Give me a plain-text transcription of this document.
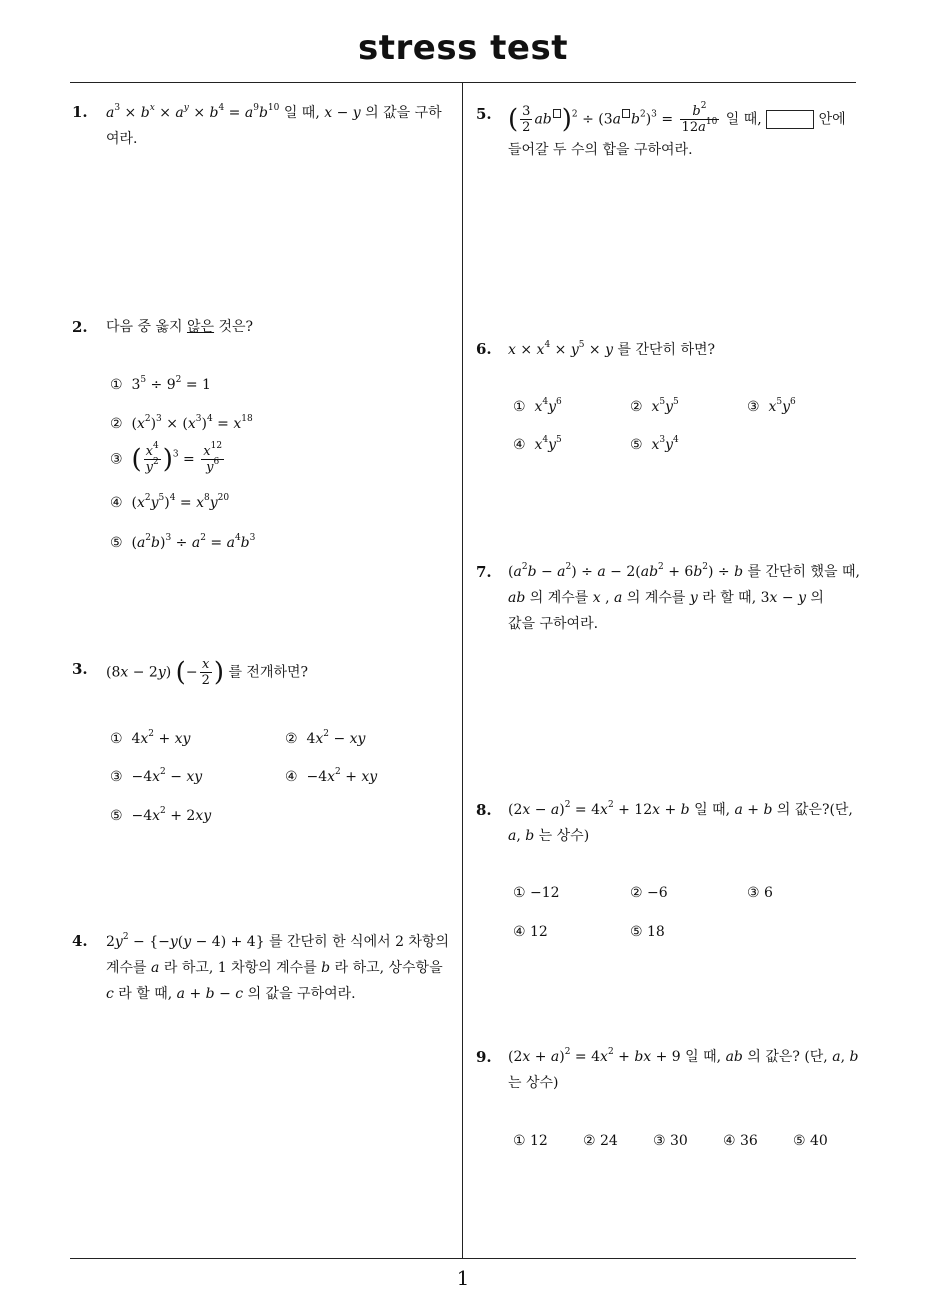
stress test
1
1. $a^3 \times b^x \times a^y \times b^4 = a^9b^{10}$ 일 때, x − y 의 값을 구하
여라.
2. 다음 중 옳지 않은 것은?
①  $3^5 \div 9^2 = 1$
②  $(x^2)^3 \times (x^3)^4 = x^{18}$
③ ( $\frac{x^4}{y^2} )^3 = \frac{x^{12}}{y^6}$
④  $(x^2y^5)^4 = x^8y^{20}$
⑤  $(a^2b)^3 \div a^2 = a^4b^3$
3. (8x − 2y) (− $\frac{x}{2}$ ) 를 전개하면?
①  $4x^2$ + xy	②  $4x^2$ − xy
③  $-4x^2$ − xy	④  $-4x^2$ + xy
⑤  $-4x^2 + 2xy$
4. $2y^2 - \{-y(y - 4) + 4\}$ 를 간단히 한 식에서 2 차항의
계수를 a 라 하고, 1 차항의 계수를 b 라 하고, 상수항을
c 라 할 때, a + b − c 의 값을 구하여라.
5. ( $\frac{3}{2}$ ab )$^2$ ÷ (3a $b^2)^3 = \frac{b^2}{12a^{10}}$ 일 때,	안에
들어갈 두 수의 합을 구하여라.
6. $x \times x^4 \times y^5 \times y$ 를 간단히 하면?
① $x^4y^6$	② $x^5y^5$	③ $x^5y^6$
④ $x^4y^5$	⑤ $x^3y^4$
7. $(a^2b - a^2) \div a - 2(ab^2 + 6b^2) \div b$ 를 간단히 했을 때,
ab 의 계수를 x , a 의 계수를 y 라 할 때, 3x − y 의
값을 구하여라.
8. $(2x - a)^2 = 4x^2 + 12x + b$ 일 때, a + b 의 값은?(단,
a, b 는 상수)
① −12	② −6	③ 6
④ 12	⑤ 18
9. $(2x + a)^2 = 4x^2$ + bx + 9 일 때, ab 의 값은? (단, a, b
는 상수)
① 12	② 24	③ 30	④ 36	⑤ 40
